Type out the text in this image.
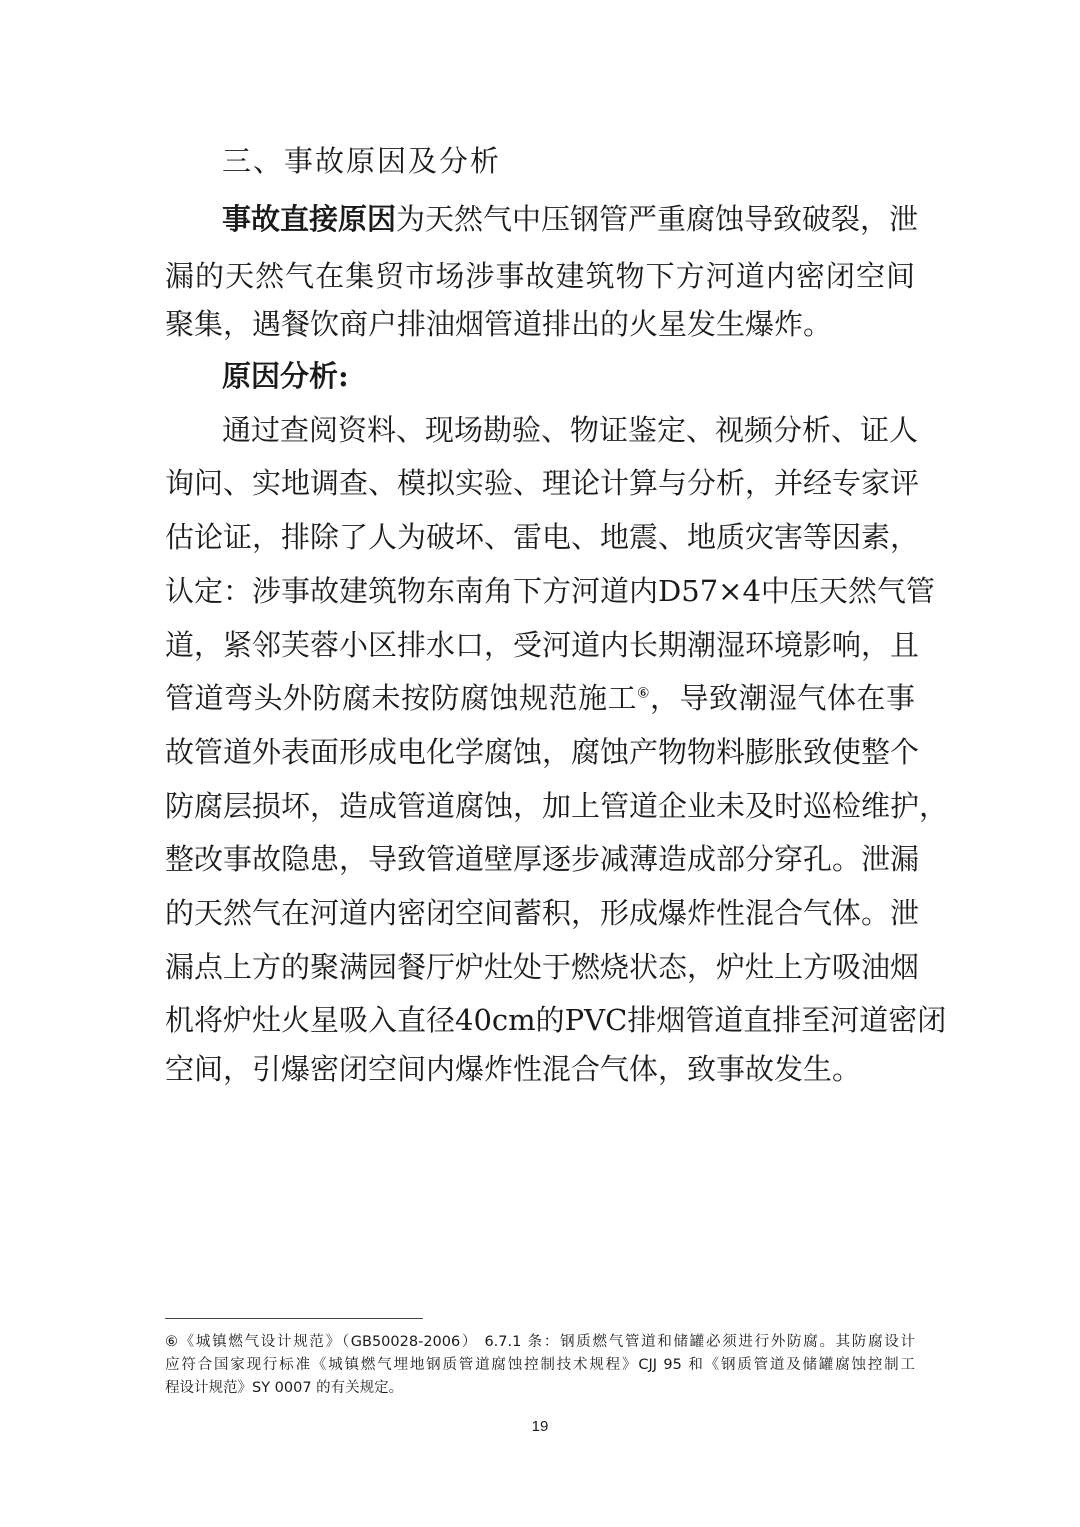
三、事故原因及分析
事故直接原因为天然气中压钢管严重腐蚀导致破裂，泄
漏的天然气在集贸市场涉事故建筑物下方河道内密闭空间
聚集，遇餐饮商户排油烟管道排出的火星发生爆炸。
原因分析:
通过查阅资料、现场勘验、物证鉴定、视频分析、证人
询问、实地调查、模拟实验、理论计算与分析，并经专家评
估论证，排除了人为破坏、雷电、地震、地质灾害等因素，
认定：涉事故建筑物东南角下方河道内D57×4中压天然气管
道，紧邻芙蓉小区排水口，受河道内长期潮湿环境影响，且
管道弯头外防腐未按防腐蚀规范施工⑥，导致潮湿气体在事
故管道外表面形成电化学腐蚀，腐蚀产物物料膨胀致使整个
防腐层损坏，造成管道腐蚀，加上管道企业未及时巡检维护，
整改事故隐患，导致管道壁厚逐步减薄造成部分穿孔。泄漏
的天然气在河道内密闭空间蓄积，形成爆炸性混合气体。泄
漏点上方的聚满园餐厅炉灶处于燃烧状态，炉灶上方吸油烟
机将炉灶火星吸入直径40cm的PVC排烟管道直排至河道密闭
空间，引爆密闭空间内爆炸性混合气体，致事故发生。
⑥《城镇燃气设计规范》（GB50028-2006） 6.7.1 条：钢质燃气管道和储罐必须进行外防腐。其防腐设计
应符合国家现行标准《城镇燃气埋地钢质管道腐蚀控制技术规程》CJJ 95 和《钢质管道及储罐腐蚀控制工
程设计规范》SY 0007 的有关规定。
19
